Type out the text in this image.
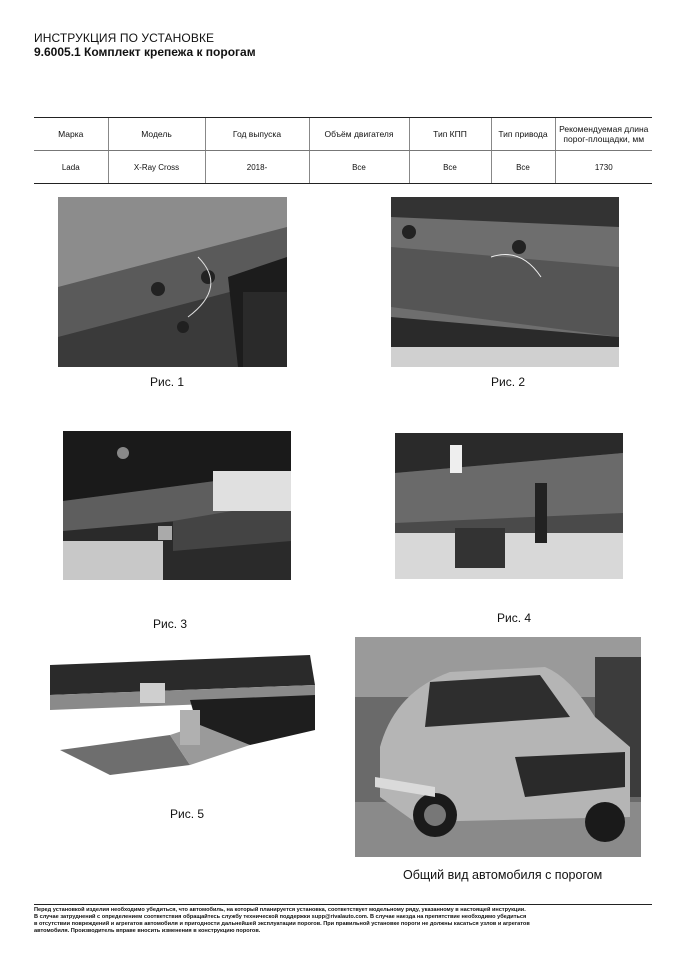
ИНСТРУКЦИЯ ПО УСТАНОВКЕ
9.6005.1 Комплект крепежа к порогам
Марка	Модель	Год выпуска	Объём двигателя	Тип КПП	Тип привода	Рекомендуемая длина порог-площадки, мм
Lada	X-Ray Cross	2018-	Все	Все	Все	1730
Рис. 1	Рис. 2
Рис. 3	Рис. 4
Рис. 5
Общий вид автомобиля с порогом
Перед установкой изделия необходимо убедиться, что автомобиль, на который планируется установка, соответствует модельному ряду, указанному в настоящей инструкции.
В случае затруднений с определением соответствия обращайтесь службу технической поддержки supp@rivalauto.com. В случае наезда на препятствие необходимо убедиться
в отсутствии повреждений и агрегатов автомобиля и пригодности дальнейшей эксплуатации порогов. При правильной установке пороги не должны касаться узлов и агрегатов
автомобиля. Производитель вправе вносить изменения в конструкцию порогов.
